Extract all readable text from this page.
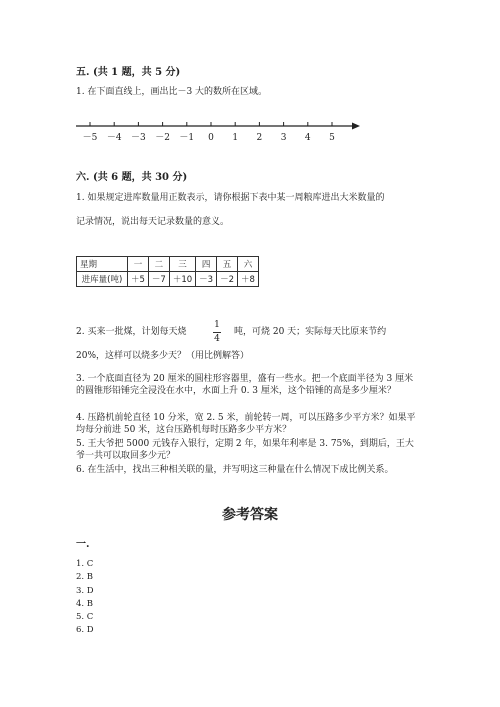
五. (共 1 题，共 5 分)
1. 在下面直线上，画出比－3 大的数所在区域。
－5 －4 －3 －2 －1 0 1 2 3 4 5
六. (共 6 题，共 30 分)
1. 如果规定进库数量用正数表示，请你根据下表中某一周粮库进出大米数量的
记录情况，说出每天记录数量的意义。
星期	一	二	三	四	五	六
进库量(吨)	＋5	－7	＋10	－3	－2	＋8
2. 买来一批煤，计划每天烧
1
4
吨，可烧 20 天；实际每天比原来节约
20%，这样可以烧多少天？（用比例解答）
3. 一个底面直径为 20 厘米的圆柱形容器里，盛有一些水。把一个底面半径为 3 厘米的圆锥形铅锤完全浸没在水中，水面上升 0. 3 厘米，这个铅锤的高是多少厘米？
4. 压路机前轮直径 10 分米，宽 2. 5 米，前轮转一周，可以压路多少平方米？如果平均每分前进 50 米，这台压路机每时压路多少平方米？
5. 王大爷把 5000 元钱存入银行，定期 2 年，如果年利率是 3. 75%，到期后，王大爷一共可以取回多少元？
6. 在生活中，找出三种相关联的量，并写明这三种量在什么情况下成比例关系。
参考答案
一.
1. C
2. B
3. D
4. B
5. C
6. D
